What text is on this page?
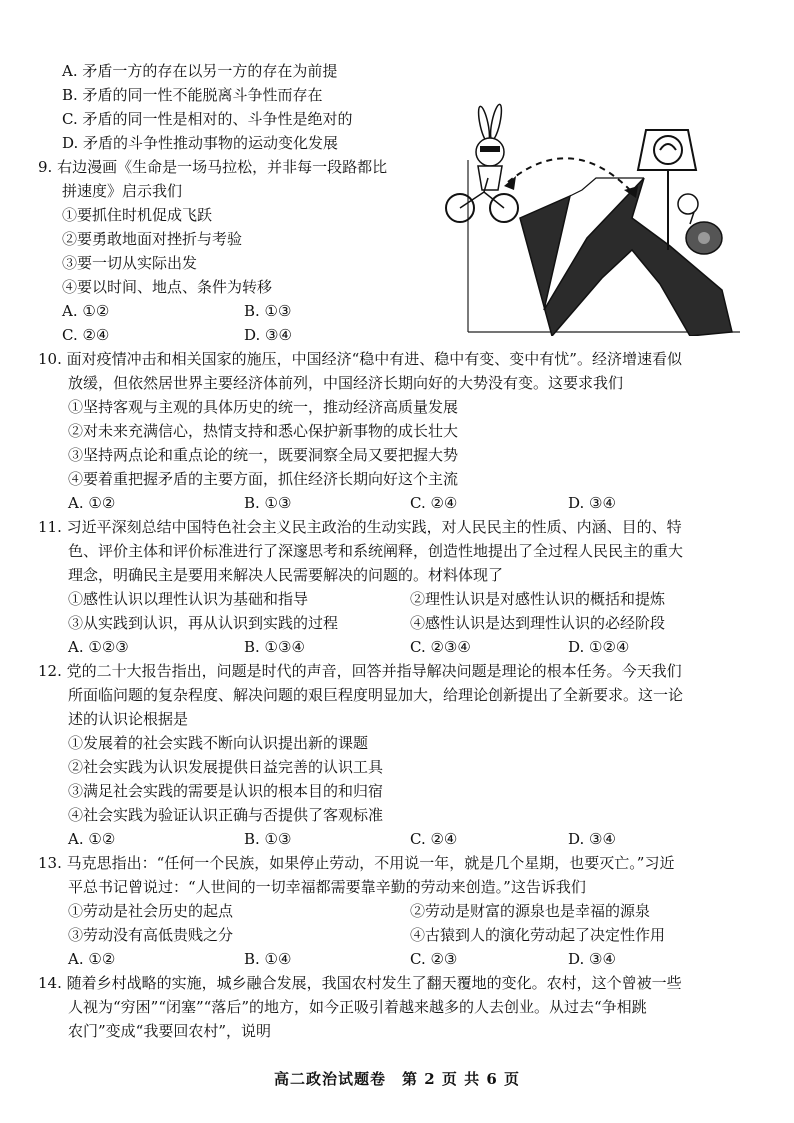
A. 矛盾一方的存在以另一方的存在为前提
B. 矛盾的同一性不能脱离斗争性而存在
C. 矛盾的同一性是相对的、斗争性是绝对的
D. 矛盾的斗争性推动事物的运动变化发展
9. 右边漫画《生命是一场马拉松，并非每一段路都比
拼速度》启示我们
①要抓住时机促成飞跃
②要勇敢地面对挫折与考验
③要一切从实际出发
④要以时间、地点、条件为转移
A. ①②	B. ①③
C. ②④	D. ③④
10. 面对疫情冲击和相关国家的施压，中国经济“稳中有进、稳中有变、变中有忧”。经济增速看似
放缓，但依然居世界主要经济体前列，中国经济长期向好的大势没有变。这要求我们
①坚持客观与主观的具体历史的统一，推动经济高质量发展
②对未来充满信心，热情支持和悉心保护新事物的成长壮大
③坚持两点论和重点论的统一，既要洞察全局又要把握大势
④要着重把握矛盾的主要方面，抓住经济长期向好这个主流
A. ①②	B. ①③	C. ②④	D. ③④
11. 习近平深刻总结中国特色社会主义民主政治的生动实践，对人民民主的性质、内涵、目的、特
色、评价主体和评价标准进行了深邃思考和系统阐释，创造性地提出了全过程人民民主的重大
理念，明确民主是要用来解决人民需要解决的问题的。材料体现了
①感性认识以理性认识为基础和指导	②理性认识是对感性认识的概括和提炼
③从实践到认识，再从认识到实践的过程	④感性认识是达到理性认识的必经阶段
A. ①②③	B. ①③④	C. ②③④	D. ①②④
12. 党的二十大报告指出，问题是时代的声音，回答并指导解决问题是理论的根本任务。今天我们
所面临问题的复杂程度、解决问题的艰巨程度明显加大，给理论创新提出了全新要求。这一论
述的认识论根据是
①发展着的社会实践不断向认识提出新的课题
②社会实践为认识发展提供日益完善的认识工具
③满足社会实践的需要是认识的根本目的和归宿
④社会实践为验证认识正确与否提供了客观标准
A. ①②	B. ①③	C. ②④	D. ③④
13. 马克思指出：“任何一个民族，如果停止劳动，不用说一年，就是几个星期，也要灭亡。”习近
平总书记曾说过：“人世间的一切幸福都需要靠辛勤的劳动来创造。”这告诉我们
①劳动是社会历史的起点	②劳动是财富的源泉也是幸福的源泉
③劳动没有高低贵贱之分	④古猿到人的演化劳动起了决定性作用
A. ①②	B. ①④	C. ②③	D. ③④
14. 随着乡村战略的实施，城乡融合发展，我国农村发生了翻天覆地的变化。农村，这个曾被一些
人视为“穷困”“闭塞”“落后”的地方，如今正吸引着越来越多的人去创业。从过去“争相跳
农门”变成“我要回农村”，说明
高二政治试题卷　第 2 页 共 6 页
